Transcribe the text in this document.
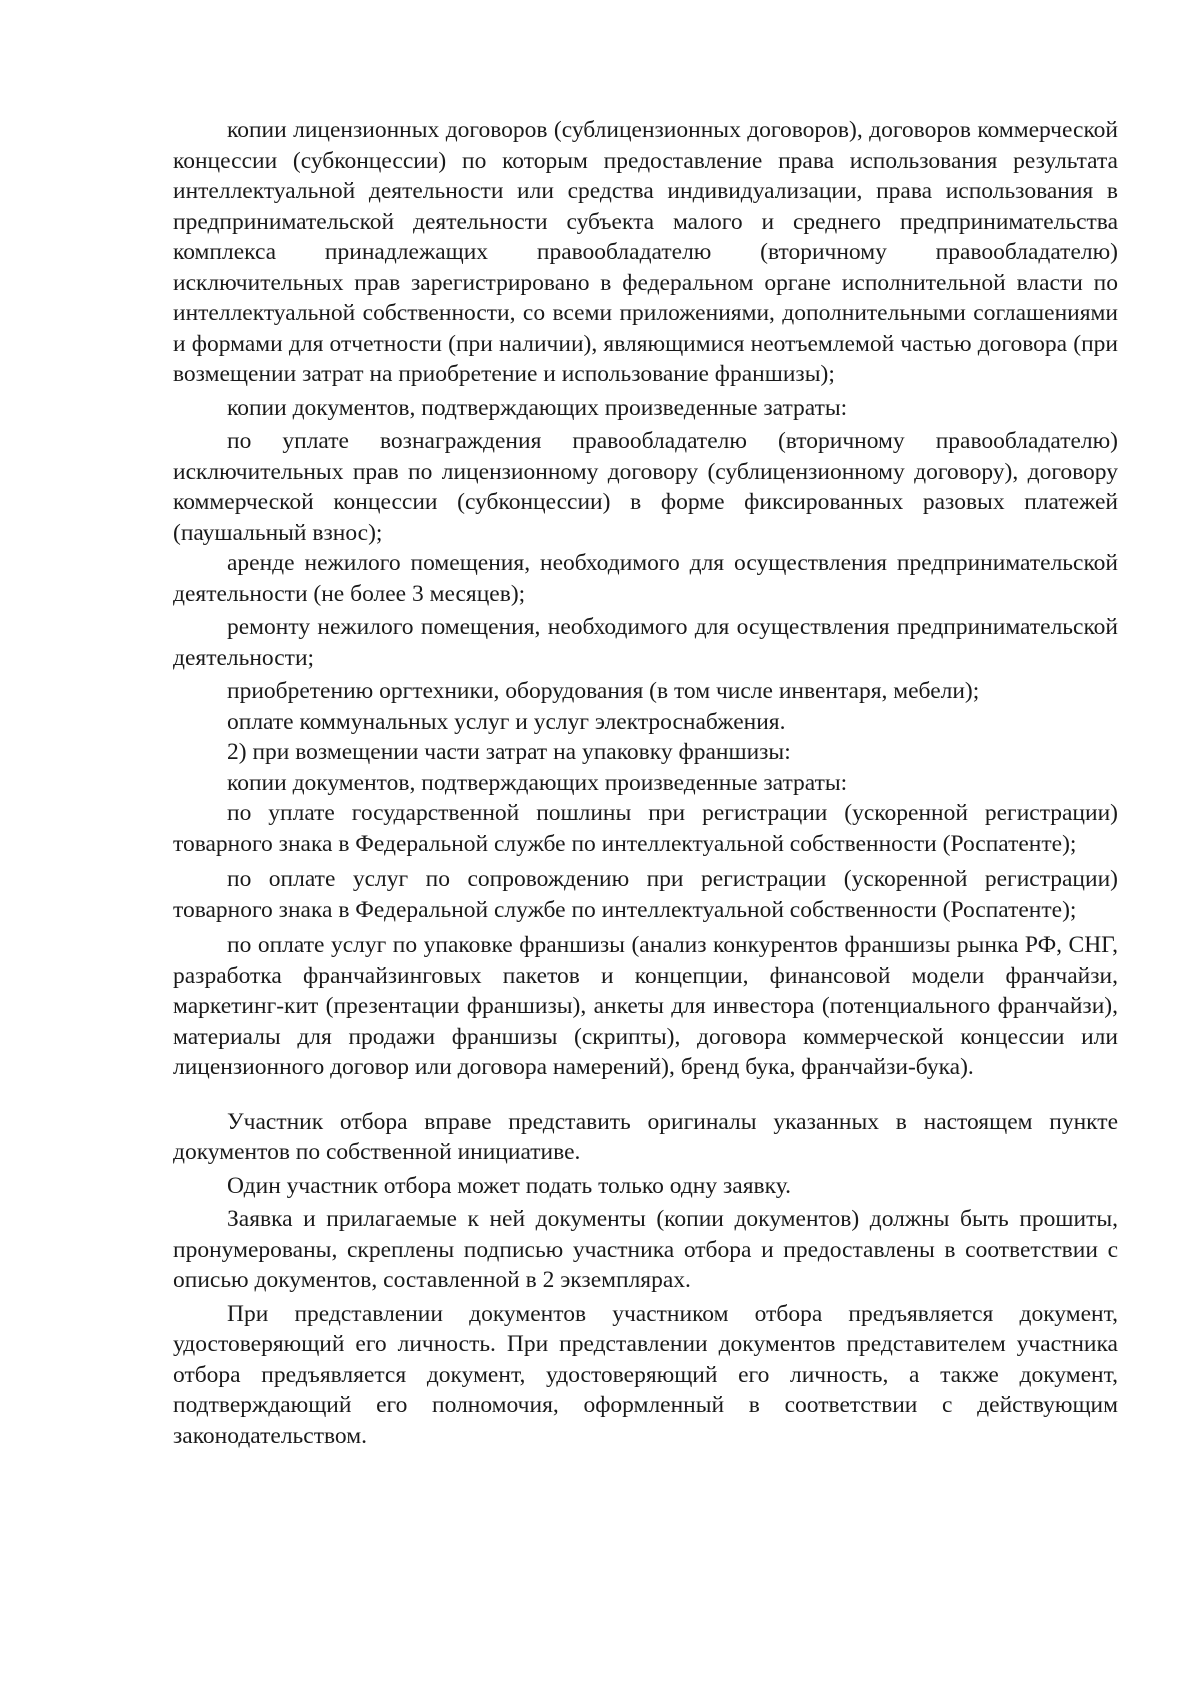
копии лицензионных договоров (сублицензионных договоров), договоров коммерческой концессии (субконцессии) по которым предоставление права использования результата интеллектуальной деятельности или средства индивидуализации, права использования в предпринимательской деятельности субъекта малого и среднего предпринимательства комплекса принадлежащих правообладателю (вторичному правообладателю) исключительных прав зарегистрировано в федеральном органе исполнительной власти по интеллектуальной собственности, со всеми приложениями, дополнительными соглашениями и формами для отчетности (при наличии), являющимися неотъемлемой частью договора (при возмещении затрат на приобретение и использование франшизы);

копии документов, подтверждающих произведенные затраты:

по уплате вознаграждения правообладателю (вторичному правообладателю) исключительных прав по лицензионному договору (сублицензионному договору), договору коммерческой концессии (субконцессии) в форме фиксированных разовых платежей (паушальный взнос);

аренде нежилого помещения, необходимого для осуществления предпринимательской деятельности (не более 3 месяцев);

ремонту нежилого помещения, необходимого для осуществления предпринимательской деятельности;

приобретению оргтехники, оборудования (в том числе инвентаря, мебели);

оплате коммунальных услуг и услуг электроснабжения.

2) при возмещении части затрат на упаковку франшизы:

копии документов, подтверждающих произведенные затраты:

по уплате государственной пошлины при регистрации (ускоренной регистрации) товарного знака в Федеральной службе по интеллектуальной собственности (Роспатенте);

по оплате услуг по сопровождению при регистрации (ускоренной регистрации) товарного знака в Федеральной службе по интеллектуальной собственности (Роспатенте);

по оплате услуг по упаковке франшизы (анализ конкурентов франшизы рынка РФ, СНГ, разработка франчайзинговых пакетов и концепции, финансовой модели франчайзи, маркетинг-кит (презентации франшизы), анкеты для инвестора (потенциального франчайзи), материалы для продажи франшизы (скрипты), договора коммерческой концессии или лицензионного договор или договора намерений), бренд бука, франчайзи-бука).

Участник отбора вправе представить оригиналы указанных в настоящем пункте документов по собственной инициативе.

Один участник отбора может подать только одну заявку.

Заявка и прилагаемые к ней документы (копии документов) должны быть прошиты, пронумерованы, скреплены подписью участника отбора и предоставлены в соответствии с описью документов, составленной в 2 экземплярах.

При представлении документов участником отбора предъявляется документ, удостоверяющий его личность. При представлении документов представителем участника отбора предъявляется документ, удостоверяющий его личность, а также документ, подтверждающий его полномочия, оформленный в соответствии с действующим законодательством.
